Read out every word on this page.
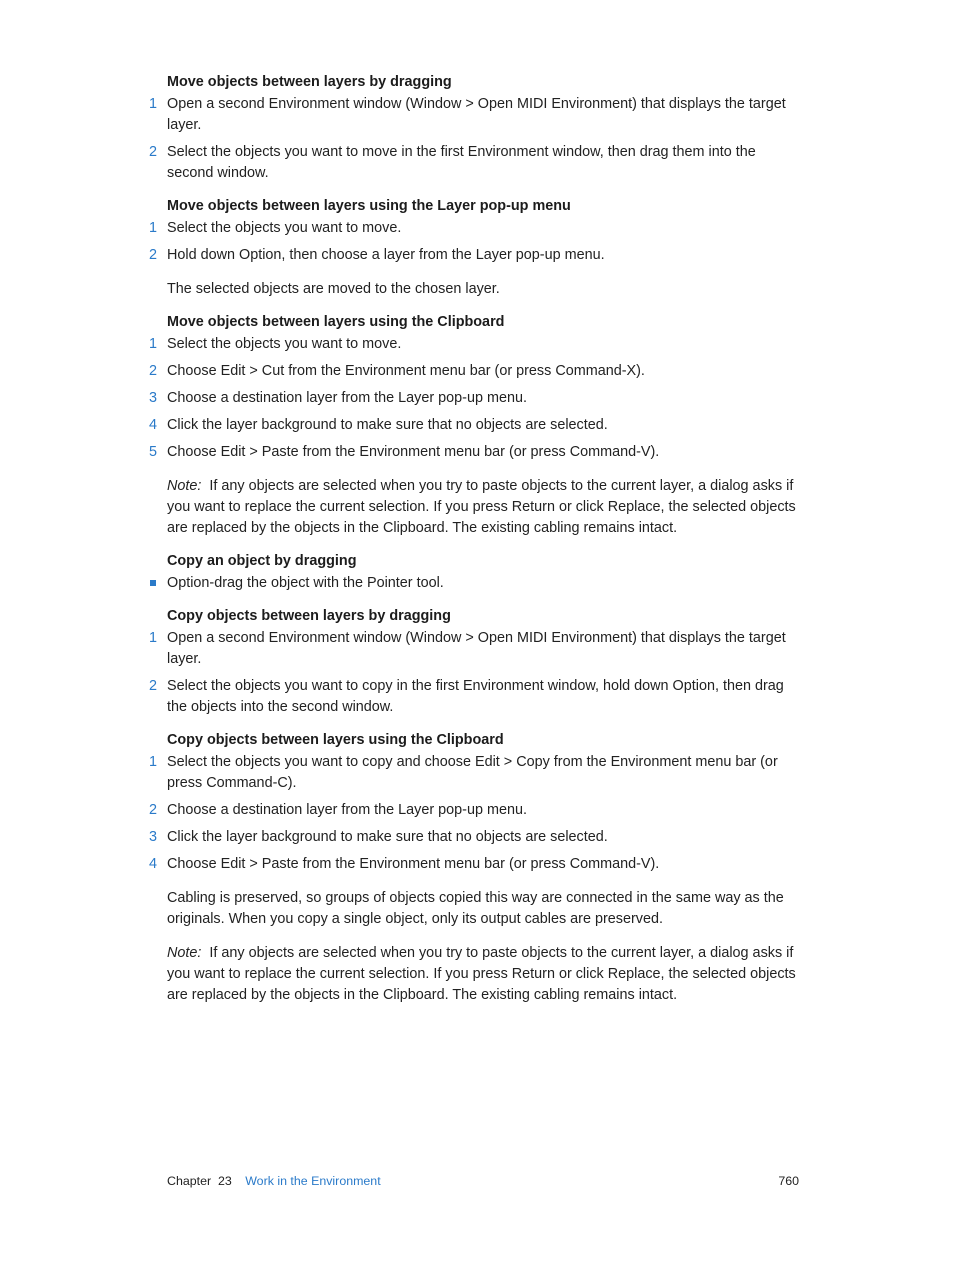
Move objects between layers by dragging

1 Open a second Environment window (Window > Open MIDI Environment) that displays the target layer.
2 Select the objects you want to move in the first Environment window, then drag them into the second window.

Move objects between layers using the Layer pop-up menu

1 Select the objects you want to move.
2 Hold down Option, then choose a layer from the Layer pop-up menu.

The selected objects are moved to the chosen layer.

Move objects between layers using the Clipboard

1 Select the objects you want to move.
2 Choose Edit > Cut from the Environment menu bar (or press Command-X).
3 Choose a destination layer from the Layer pop-up menu.
4 Click the layer background to make sure that no objects are selected.
5 Choose Edit > Paste from the Environment menu bar (or press Command-V).

Note: If any objects are selected when you try to paste objects to the current layer, a dialog asks if you want to replace the current selection. If you press Return or click Replace, the selected objects are replaced by the objects in the Clipboard. The existing cabling remains intact.

Copy an object by dragging

Option-drag the object with the Pointer tool.

Copy objects between layers by dragging

1 Open a second Environment window (Window > Open MIDI Environment) that displays the target layer.
2 Select the objects you want to copy in the first Environment window, hold down Option, then drag the objects into the second window.

Copy objects between layers using the Clipboard

1 Select the objects you want to copy and choose Edit > Copy from the Environment menu bar (or press Command-C).
2 Choose a destination layer from the Layer pop-up menu.
3 Click the layer background to make sure that no objects are selected.
4 Choose Edit > Paste from the Environment menu bar (or press Command-V).

Cabling is preserved, so groups of objects copied this way are connected in the same way as the originals. When you copy a single object, only its output cables are preserved.

Note: If any objects are selected when you try to paste objects to the current layer, a dialog asks if you want to replace the current selection. If you press Return or click Replace, the selected objects are replaced by the objects in the Clipboard. The existing cabling remains intact.

Chapter  23 Work in the Environment	760
